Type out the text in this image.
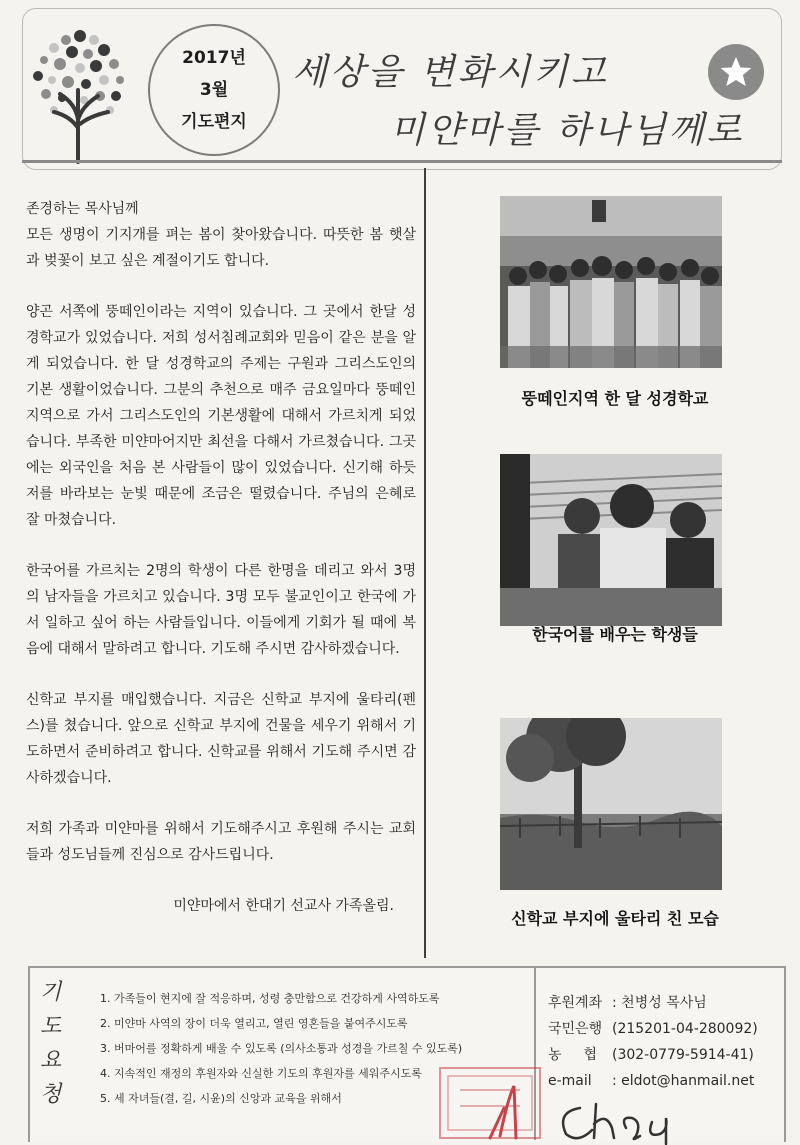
2017년
3월
기도편지
세상을 변화시키고
미얀마를 하나님께로

존경하는 목사님께

모든 생명이 기지개를 펴는 봄이 찾아왔습니다. 따뜻한 봄 햇살과 벚꽃이 보고 싶은 계절이기도 합니다.

양곤 서쪽에 뚱떼인이라는 지역이 있습니다. 그 곳에서 한달 성경학교가 있었습니다. 저희 성서침례교회와 믿음이 같은 분을 알게 되었습니다. 한 달 성경학교의 주제는 구원과 그리스도인의 기본 생활이었습니다. 그분의 추천으로 매주 금요일마다 뚱떼인지역으로 가서 그리스도인의 기본생활에 대해서 가르치게 되었습니다. 부족한 미얀마어지만 최선을 다해서 가르쳤습니다. 그곳에는 외국인을 처음 본 사람들이 많이 있었습니다. 신기해 하듯 저를 바라보는 눈빛 때문에 조금은 떨렸습니다. 주님의 은혜로 잘 마쳤습니다.

한국어를 가르치는 2명의 학생이 다른 한명을 데리고 와서 3명의 남자들을 가르치고 있습니다. 3명 모두 불교인이고 한국에 가서 일하고 싶어 하는 사람들입니다. 이들에게 기회가 될 때에 복음에 대해서 말하려고 합니다. 기도해 주시면 감사하겠습니다.

신학교 부지를 매입했습니다. 지금은 신학교 부지에 울타리(펜스)를 쳤습니다. 앞으로 신학교 부지에 건물을 세우기 위해서 기도하면서 준비하려고 합니다. 신학교를 위해서 기도해 주시면 감사하겠습니다.

저희 가족과 미얀마를 위해서 기도해주시고 후원해 주시는 교회들과 성도님들께 진심으로 감사드립니다.

미얀마에서 한대기 선교사 가족올림.

뚱떼인지역 한 달 성경학교
한국어를 배우는 학생들
신학교 부지에 울타리 친 모습
기도
요청
1. 가족들이 현지에 잘 적응하며, 성령 충만함으로 건강하게 사역하도록
2. 미얀마 사역의 장이 더욱 열리고, 열린 영혼들을 붙여주시도록
3. 버마어를 정확하게 배울 수 있도록 (의사소통과 성경을 가르칠 수 있도록)
4. 지속적인 재정의 후원자와 신실한 기도의 후원자를 세워주시도록
5. 세 자녀들(결, 길, 시윤)의 신앙과 교육을 위해서
후원계좌 : 천병성 목사님
국민은행 (215201-04-280092)
농협
(302-0779-5914-41)
e-mail	: eldot@hanmail.net
